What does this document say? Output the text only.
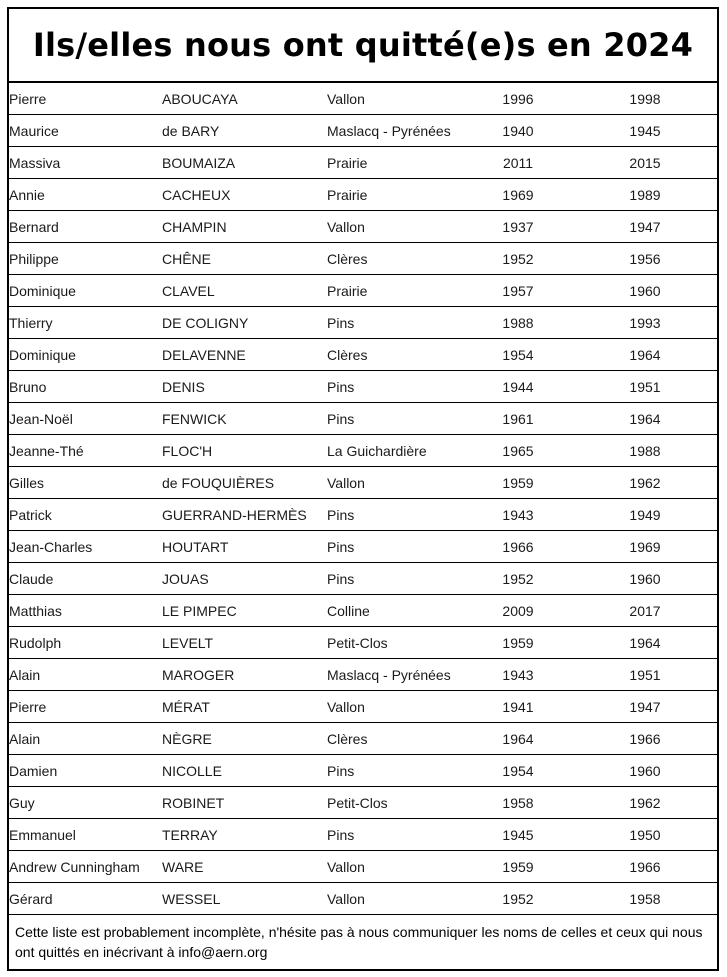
Ils/elles nous ont quitté(e)s en 2024
Pierre	ABOUCAYA	Vallon	1996	1998
Maurice	de BARY	Maslacq - Pyrénées	1940	1945
Massiva	BOUMAIZA	Prairie	2011	2015
Annie	CACHEUX	Prairie	1969	1989
Bernard	CHAMPIN	Vallon	1937	1947
Philippe	CHÊNE	Clères	1952	1956
Dominique	CLAVEL	Prairie	1957	1960
Thierry	DE COLIGNY	Pins	1988	1993
Dominique	DELAVENNE	Clères	1954	1964
Bruno	DENIS	Pins	1944	1951
Jean-Noël	FENWICK	Pins	1961	1964
Jeanne-Thé	FLOC'H	La Guichardière	1965	1988
Gilles	de FOUQUIÈRES	Vallon	1959	1962
Patrick	GUERRAND-HERMÈS	Pins	1943	1949
Jean-Charles	HOUTART	Pins	1966	1969
Claude	JOUAS	Pins	1952	1960
Matthias	LE PIMPEC	Colline	2009	2017
Rudolph	LEVELT	Petit-Clos	1959	1964
Alain	MAROGER	Maslacq - Pyrénées	1943	1951
Pierre	MÉRAT	Vallon	1941	1947
Alain	NÈGRE	Clères	1964	1966
Damien	NICOLLE	Pins	1954	1960
Guy	ROBINET	Petit-Clos	1958	1962
Emmanuel	TERRAY	Pins	1945	1950
Andrew Cunningham	WARE	Vallon	1959	1966
Gérard	WESSEL	Vallon	1952	1958
Cette liste est probablement incomplète, n'hésite pas à nous communiquer les noms de celles et ceux qui nous ont quittés en inécrivant à info@aern.org
